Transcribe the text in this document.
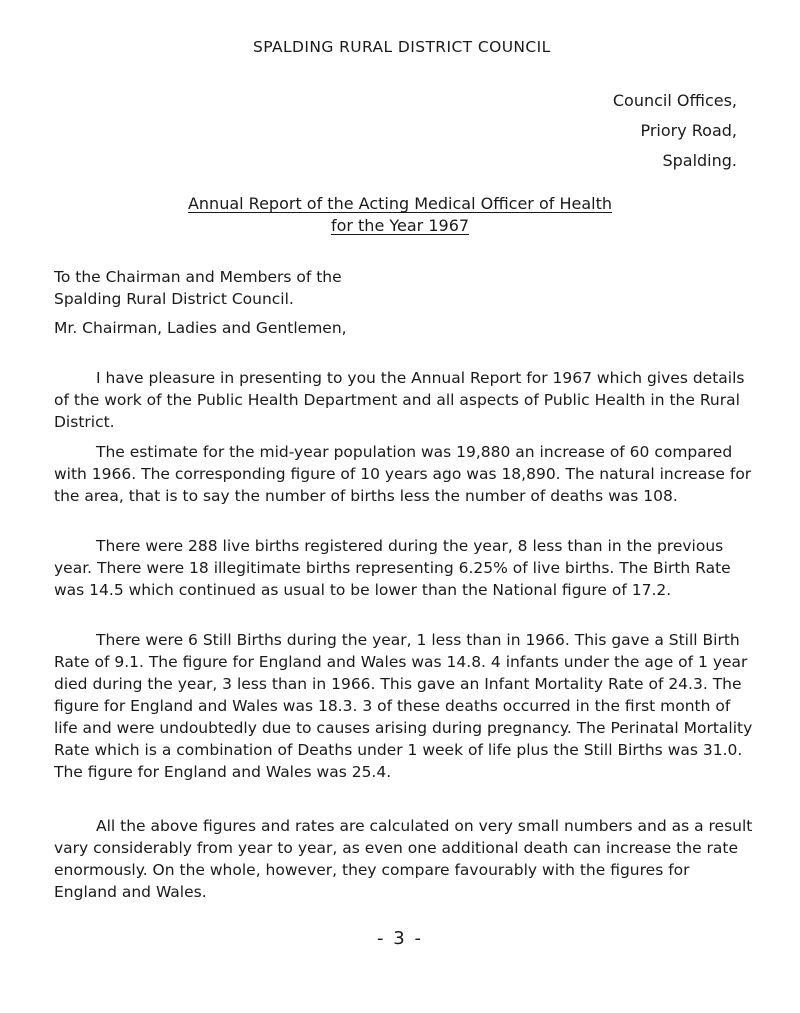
SPALDING RURAL DISTRICT COUNCIL
Council Offices,
Priory Road,
Spalding.
Annual Report of the Acting Medical Officer of Health
for the Year 1967
To the Chairman and Members of the
Spalding Rural District Council.
Mr. Chairman, Ladies and Gentlemen,

I have pleasure in presenting to you the Annual Report for 1967 which gives details of the work of the Public Health Department and all aspects of Public Health in the Rural District.

The estimate for the mid-year population was 19,880 an increase of 60 compared with 1966. The corresponding figure of 10 years ago was 18,890. The natural increase for the area, that is to say the number of births less the number of deaths was 108.

There were 288 live births registered during the year, 8 less than in the previous year. There were 18 illegitimate births representing 6.25% of live births. The Birth Rate was 14.5 which continued as usual to be lower than the National figure of 17.2.

There were 6 Still Births during the year, 1 less than in 1966. This gave a Still Birth Rate of 9.1. The figure for England and Wales was 14.8. 4 infants under the age of 1 year died during the year, 3 less than in 1966. This gave an Infant Mortality Rate of 24.3. The figure for England and Wales was 18.3. 3 of these deaths occurred in the first month of life and were undoubtedly due to causes arising during pregnancy. The Perinatal Mortality Rate which is a combination of Deaths under 1 week of life plus the Still Births was 31.0. The figure for England and Wales was 25.4.

All the above figures and rates are calculated on very small numbers and as a result vary considerably from year to year, as even one additional death can increase the rate enormously. On the whole, however, they compare favourably with the figures for England and Wales.

- 3 -
